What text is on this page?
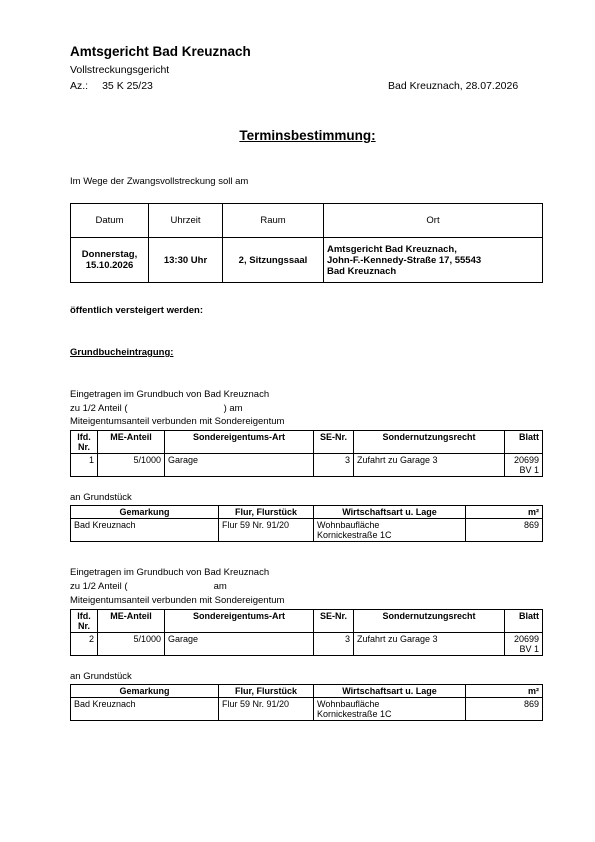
Amtsgericht Bad Kreuznach
Vollstreckungsgericht
Az.: 35 K 25/23	Bad Kreuznach, 28.07.2026
Terminsbestimmung:
Im Wege der Zwangsvollstreckung soll am
Datum	Uhrzeit	Raum	Ort
Donnerstag,
15.10.2026	13:30 Uhr	2, Sitzungssaal	Amtsgericht Bad Kreuznach,
John-F.-Kennedy-Straße 17, 55543
Bad Kreuznach
öffentlich versteigert werden:
Grundbucheintragung:
Eingetragen im Grundbuch von Bad Kreuznach
zu 1/2 Anteil (	) am
Miteigentumsanteil verbunden mit Sondereigentum
lfd. Nr.	ME-Anteil	Sondereigentums-Art	SE-Nr.	Sondernutzungsrecht	Blatt
1	5/1000	Garage	3	Zufahrt zu Garage 3	20699
BV 1
an Grundstück
Gemarkung	Flur, Flurstück	Wirtschaftsart u. Lage	m²
Bad Kreuznach	Flur 59 Nr. 91/20	Wohnbaufläche
Kornickestraße 1C	869
Eingetragen im Grundbuch von Bad Kreuznach
zu 1/2 Anteil (	am
Miteigentumsanteil verbunden mit Sondereigentum
lfd. Nr.	ME-Anteil	Sondereigentums-Art	SE-Nr.	Sondernutzungsrecht	Blatt
2	5/1000	Garage	3	Zufahrt zu Garage 3	20699
BV 1
an Grundstück
Gemarkung	Flur, Flurstück	Wirtschaftsart u. Lage	m²
Bad Kreuznach	Flur 59 Nr. 91/20	Wohnbaufläche
Kornickestraße 1C	869
